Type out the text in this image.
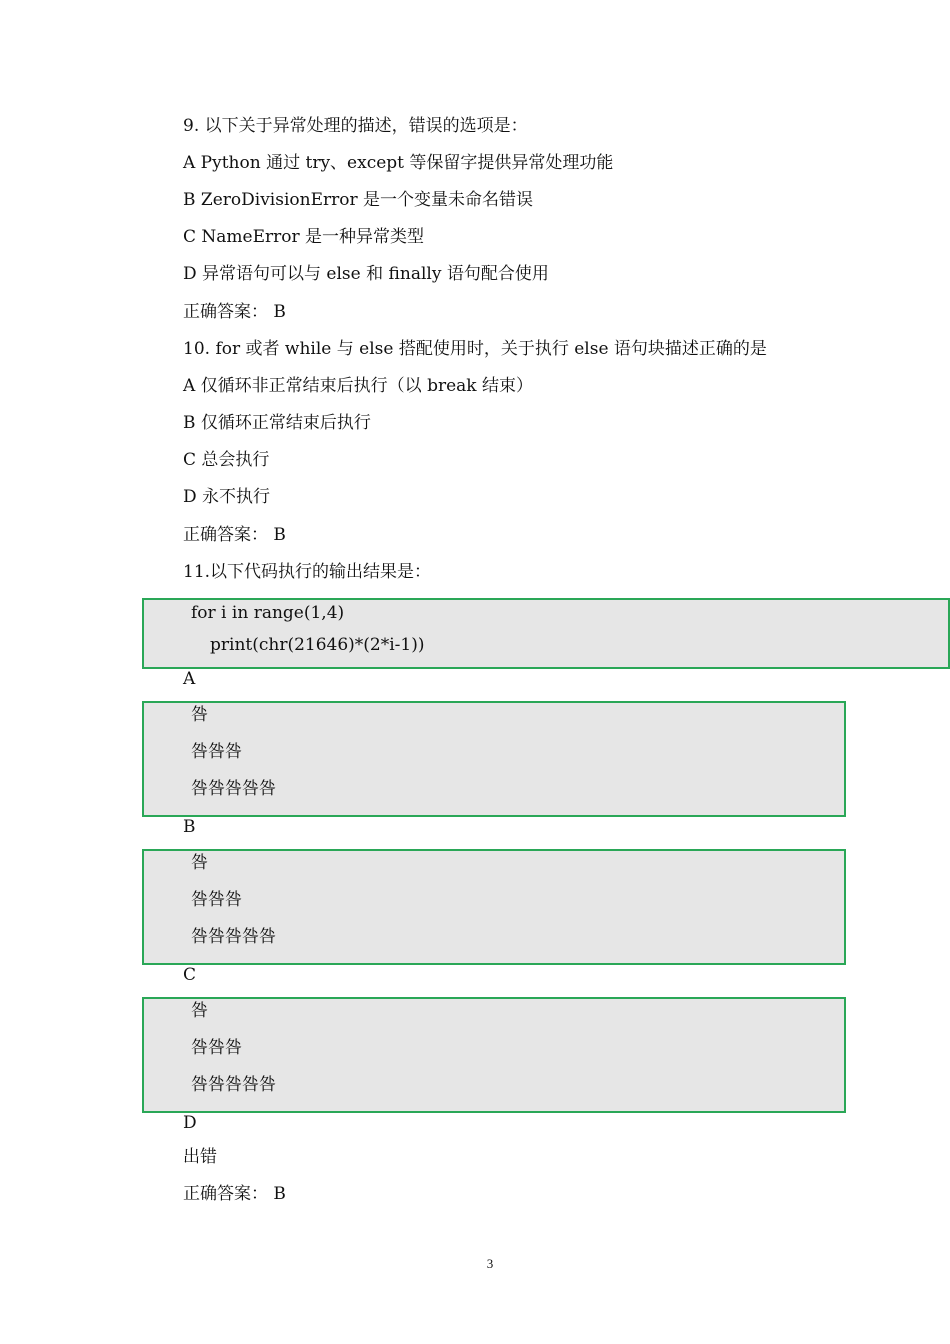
9. 以下关于异常处理的描述，错误的选项是：
A Python 通过 try、except 等保留字提供异常处理功能
B ZeroDivisionError 是一个变量未命名错误
C NameError 是一种异常类型
D 异常语句可以与 else 和 finally 语句配合使用
正确答案： B
10. for 或者 while 与 else 搭配使用时，关于执行 else 语句块描述正确的是
A 仅循环非正常结束后执行（以 break 结束）
B 仅循环正常结束后执行
C 总会执行
D 永不执行
正确答案： B
11.以下代码执行的输出结果是：
for i in range(1,4)
print(chr(21646)*(2*i-1))
A
咎
咎咎咎
咎咎咎咎咎
B
咎
咎咎咎
咎咎咎咎咎
C
咎
咎咎咎
咎咎咎咎咎
D
出错
正确答案： B
3
